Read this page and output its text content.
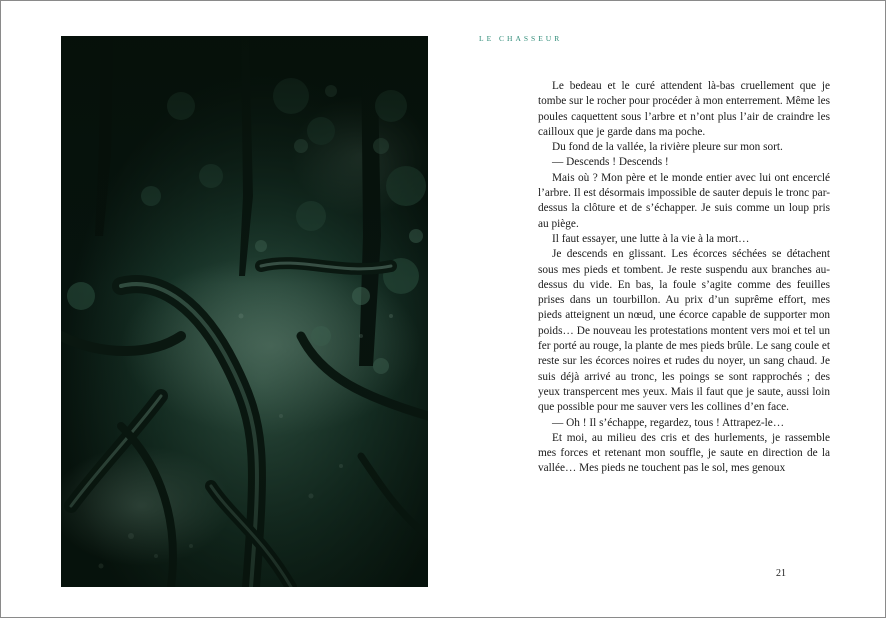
LE CHASSEUR

Le bedeau et le curé attendent là-bas cruellement que je tombe sur le rocher pour procéder à mon enterrement. Même les poules caquettent sous l’arbre et n’ont plus l’air de craindre les cailloux que je garde dans ma poche.

Du fond de la vallée, la rivière pleure sur mon sort.

— Descends ! Descends !

Mais où ? Mon père et le monde entier avec lui ont encerclé l’arbre. Il est désormais impossible de sauter depuis le tronc par-dessus la clôture et de s’échapper. Je suis comme un loup pris au piège.

Il faut essayer, une lutte à la vie à la mort…

Je descends en glissant. Les écorces séchées se détachent sous mes pieds et tombent. Je reste suspendu aux branches au-dessus du vide. En bas, la foule s’agite comme des feuilles prises dans un tourbillon. Au prix d’un suprême effort, mes pieds atteignent un nœud, une écorce capable de supporter mon poids… De nouveau les protestations montent vers moi et tel un fer porté au rouge, la plante de mes pieds brûle. Le sang coule et reste sur les écorces noires et rudes du noyer, un sang chaud. Je suis déjà arrivé au tronc, les poings se sont rapprochés ; des yeux transpercent mes yeux. Mais il faut que je saute, aussi loin que possible pour me sauver vers les collines d’en face.

— Oh ! Il s’échappe, regardez, tous ! Attrapez-le…

Et moi, au milieu des cris et des hurlements, je rassemble mes forces et retenant mon souffle, je saute en direction de la vallée… Mes pieds ne touchent pas le sol, mes genoux

21
